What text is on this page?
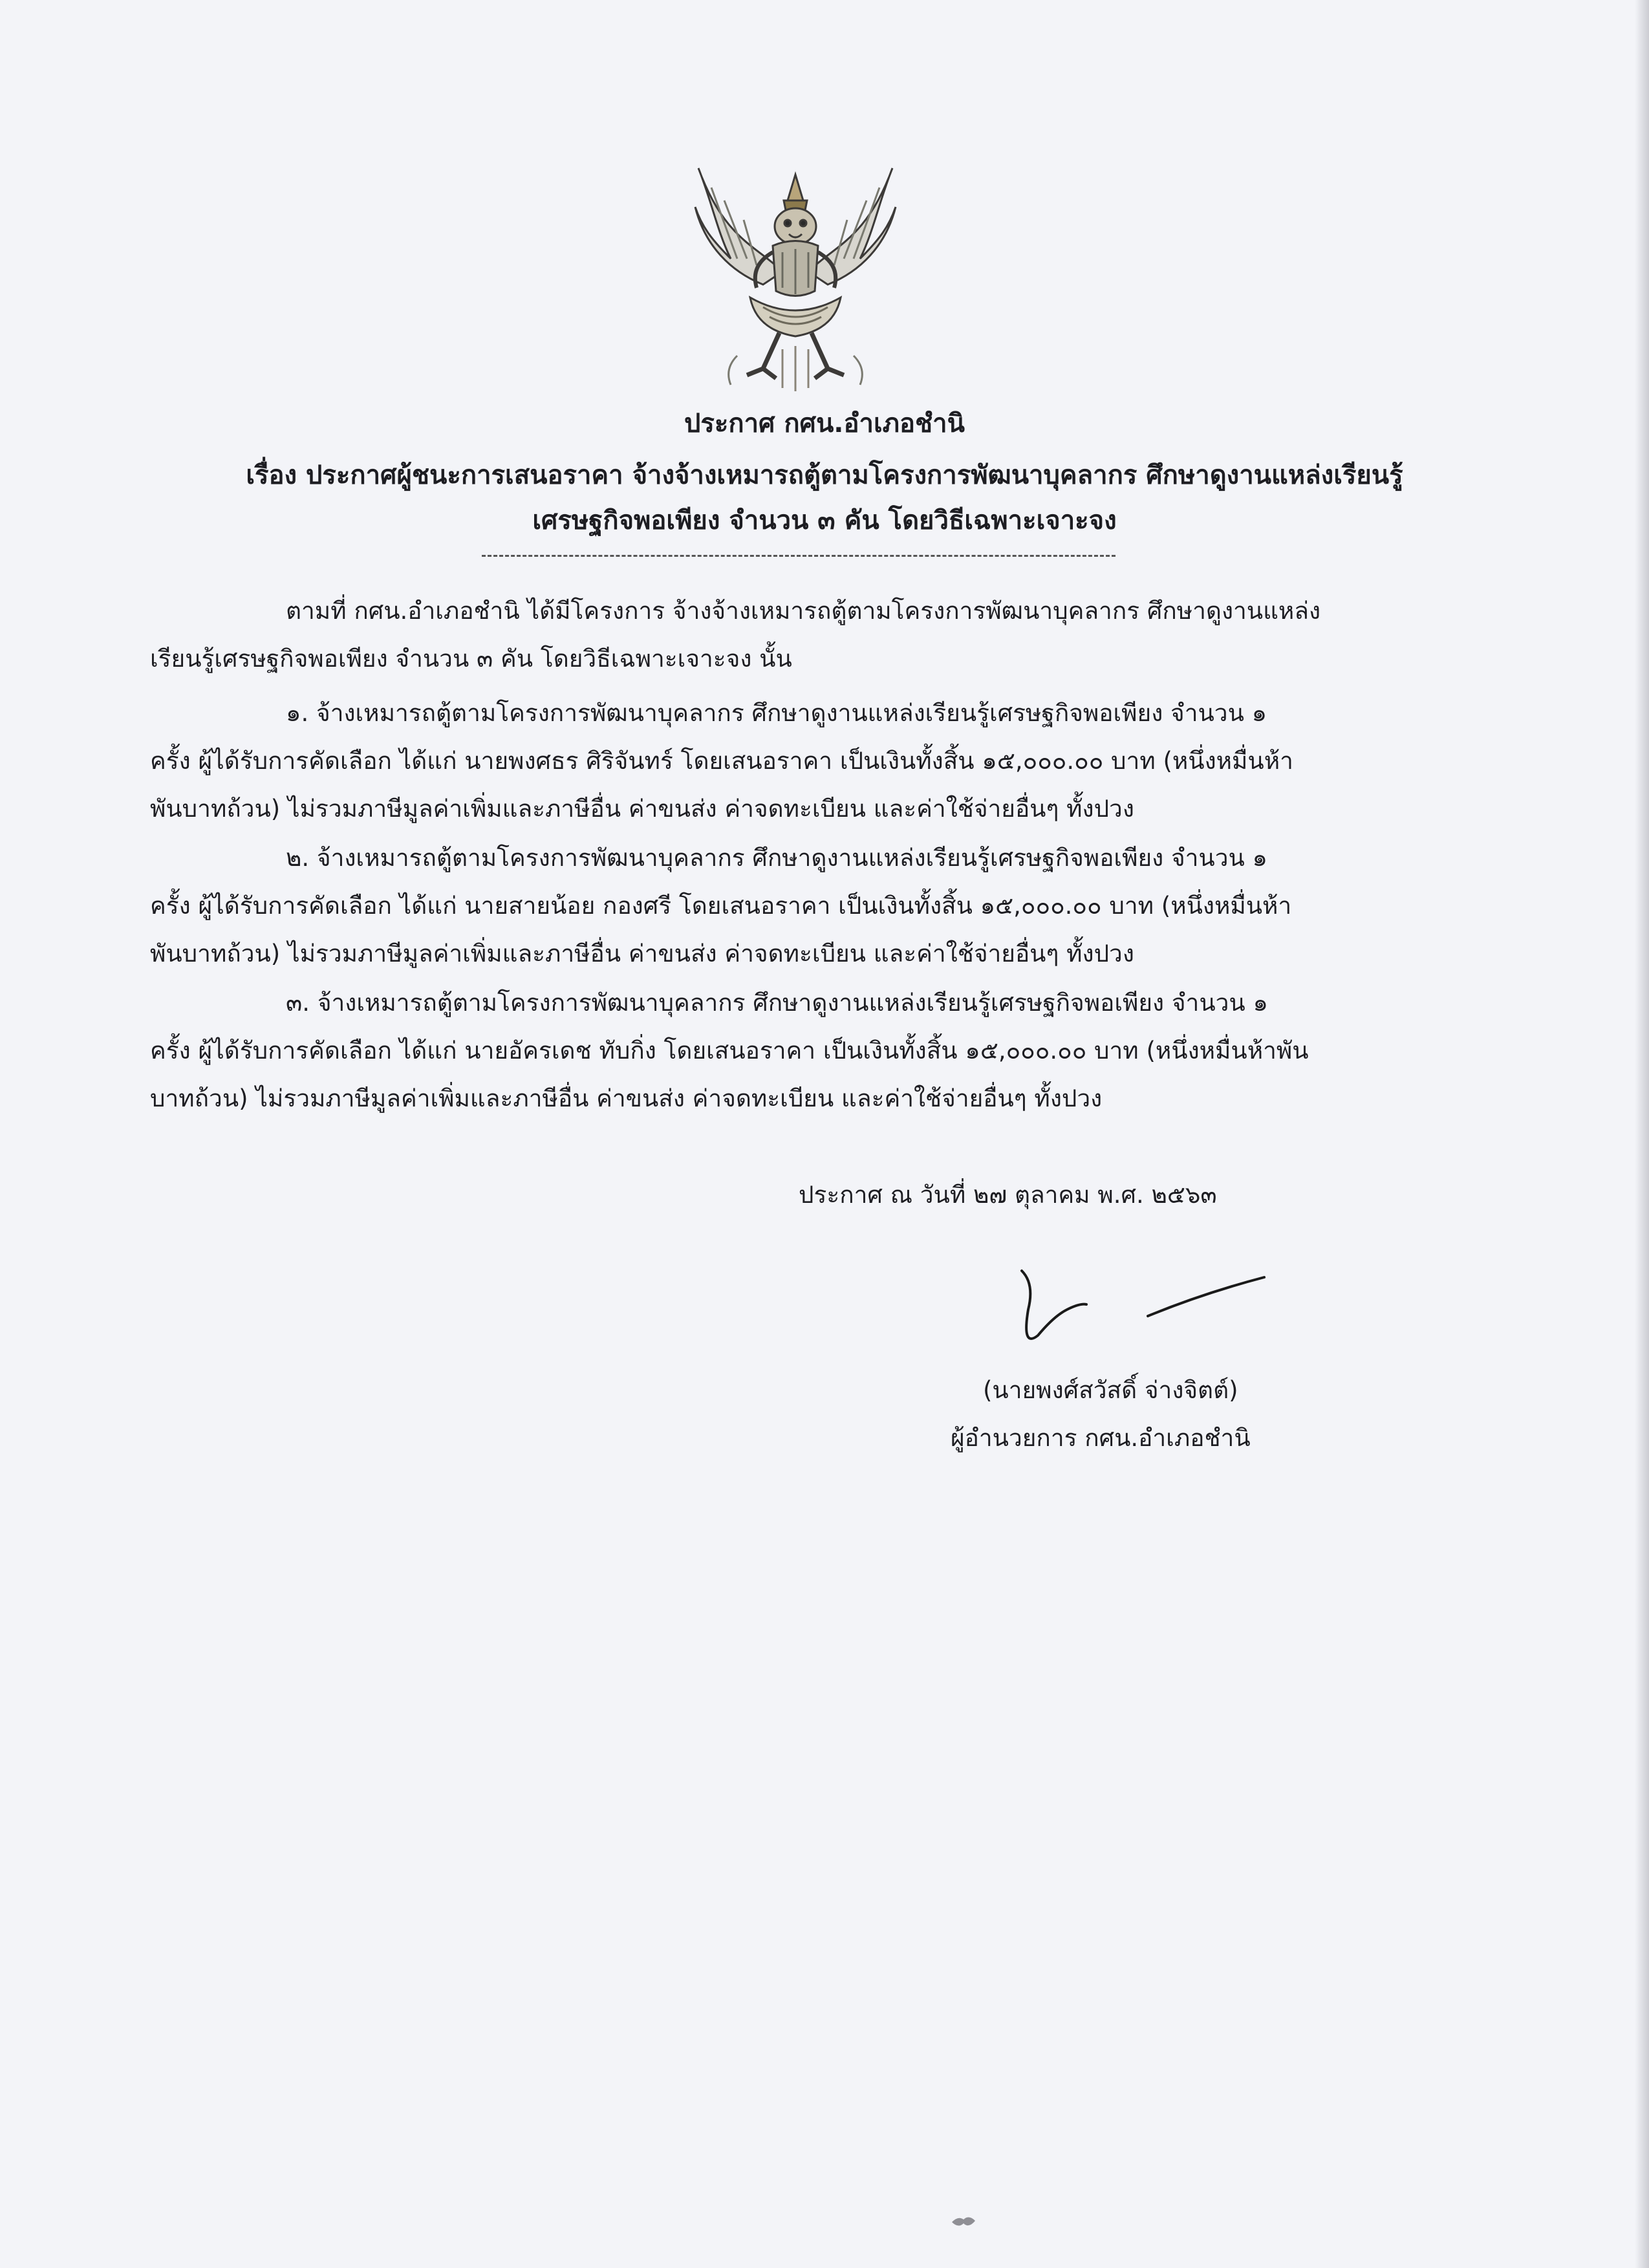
ประกาศ กศน.อำเภอชำนิ
เรื่อง ประกาศผู้ชนะการเสนอราคา จ้างจ้างเหมารถตู้ตามโครงการพัฒนาบุคลากร ศึกษาดูงานแหล่งเรียนรู้
เศรษฐกิจพอเพียง จำนวน ๓ คัน โดยวิธีเฉพาะเจาะจง
ตามที่ กศน.อำเภอชำนิ ได้มีโครงการ จ้างจ้างเหมารถตู้ตามโครงการพัฒนาบุคลากร ศึกษาดูงานแหล่ง
เรียนรู้เศรษฐกิจพอเพียง จำนวน ๓ คัน โดยวิธีเฉพาะเจาะจง นั้น
๑. จ้างเหมารถตู้ตามโครงการพัฒนาบุคลากร ศึกษาดูงานแหล่งเรียนรู้เศรษฐกิจพอเพียง จำนวน ๑
ครั้ง ผู้ได้รับการคัดเลือก ได้แก่ นายพงศธร ศิริจันทร์ โดยเสนอราคา เป็นเงินทั้งสิ้น ๑๕,๐๐๐.๐๐ บาท (หนึ่งหมื่นห้า
พันบาทถ้วน) ไม่รวมภาษีมูลค่าเพิ่มและภาษีอื่น ค่าขนส่ง ค่าจดทะเบียน และค่าใช้จ่ายอื่นๆ ทั้งปวง
๒. จ้างเหมารถตู้ตามโครงการพัฒนาบุคลากร ศึกษาดูงานแหล่งเรียนรู้เศรษฐกิจพอเพียง จำนวน ๑
ครั้ง ผู้ได้รับการคัดเลือก ได้แก่ นายสายน้อย กองศรี โดยเสนอราคา เป็นเงินทั้งสิ้น ๑๕,๐๐๐.๐๐ บาท (หนึ่งหมื่นห้า
พันบาทถ้วน) ไม่รวมภาษีมูลค่าเพิ่มและภาษีอื่น ค่าขนส่ง ค่าจดทะเบียน และค่าใช้จ่ายอื่นๆ ทั้งปวง
๓. จ้างเหมารถตู้ตามโครงการพัฒนาบุคลากร ศึกษาดูงานแหล่งเรียนรู้เศรษฐกิจพอเพียง จำนวน ๑
ครั้ง ผู้ได้รับการคัดเลือก ได้แก่ นายอัครเดช ทับกิ่ง โดยเสนอราคา เป็นเงินทั้งสิ้น ๑๕,๐๐๐.๐๐ บาท (หนึ่งหมื่นห้าพัน
บาทถ้วน) ไม่รวมภาษีมูลค่าเพิ่มและภาษีอื่น ค่าขนส่ง ค่าจดทะเบียน และค่าใช้จ่ายอื่นๆ ทั้งปวง
ประกาศ ณ วันที่ ๒๗ ตุลาคม พ.ศ. ๒๕๖๓
(นายพงศ์สวัสดิ์ จ่างจิตต์)
ผู้อำนวยการ กศน.อำเภอชำนิ
